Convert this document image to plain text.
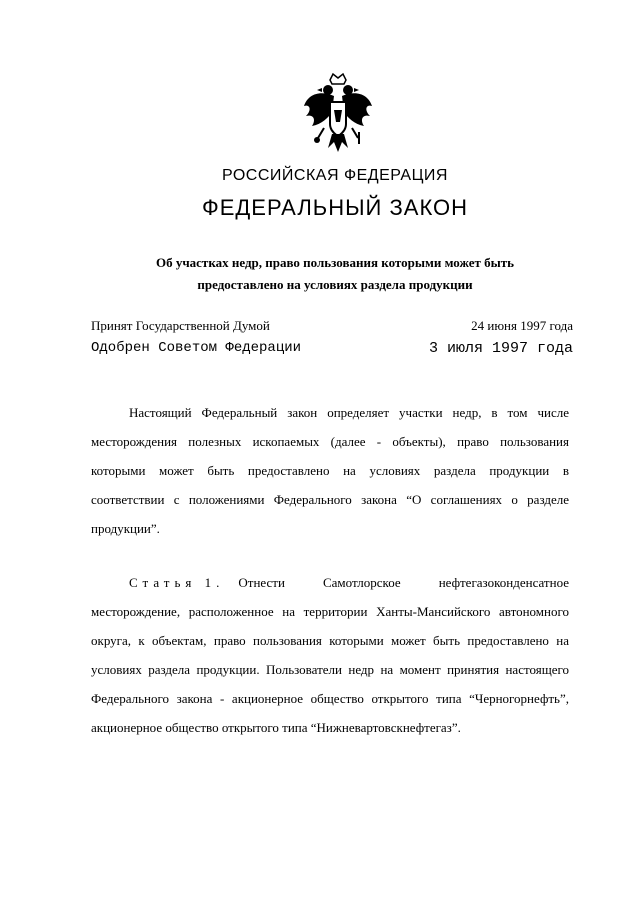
РОССИЙСКАЯ ФЕДЕРАЦИЯ
ФЕДЕРАЛЬНЫЙ ЗАКОН
Об участках недр, право пользования которыми может быть
предоставлено на условиях раздела продукции
Принят Государственной Думой	24 июня 1997 года
Одобрен Советом Федерации	3 июля 1997 года
Настоящий Федеральный закон определяет участки недр, в том числе
месторождения полезных ископаемых (далее - объекты), право пользования
которыми может быть предоставлено на условиях раздела продукции в
соответствии с положениями Федерального закона “О соглашениях о разделе
продукции”.
Статья 1. Отнести     Самотлорское     нефтегазоконденсатное
месторождение, расположенное на территории Ханты-Мансийского автономного
округа, к объектам, право пользования которыми может быть предоставлено на
условиях раздела продукции. Пользователи недр на момент принятия настоящего
Федерального закона - акционерное общество открытого типа “Черногорнефть”,
акционерное общество открытого типа “Нижневартовскнефтегаз”.
